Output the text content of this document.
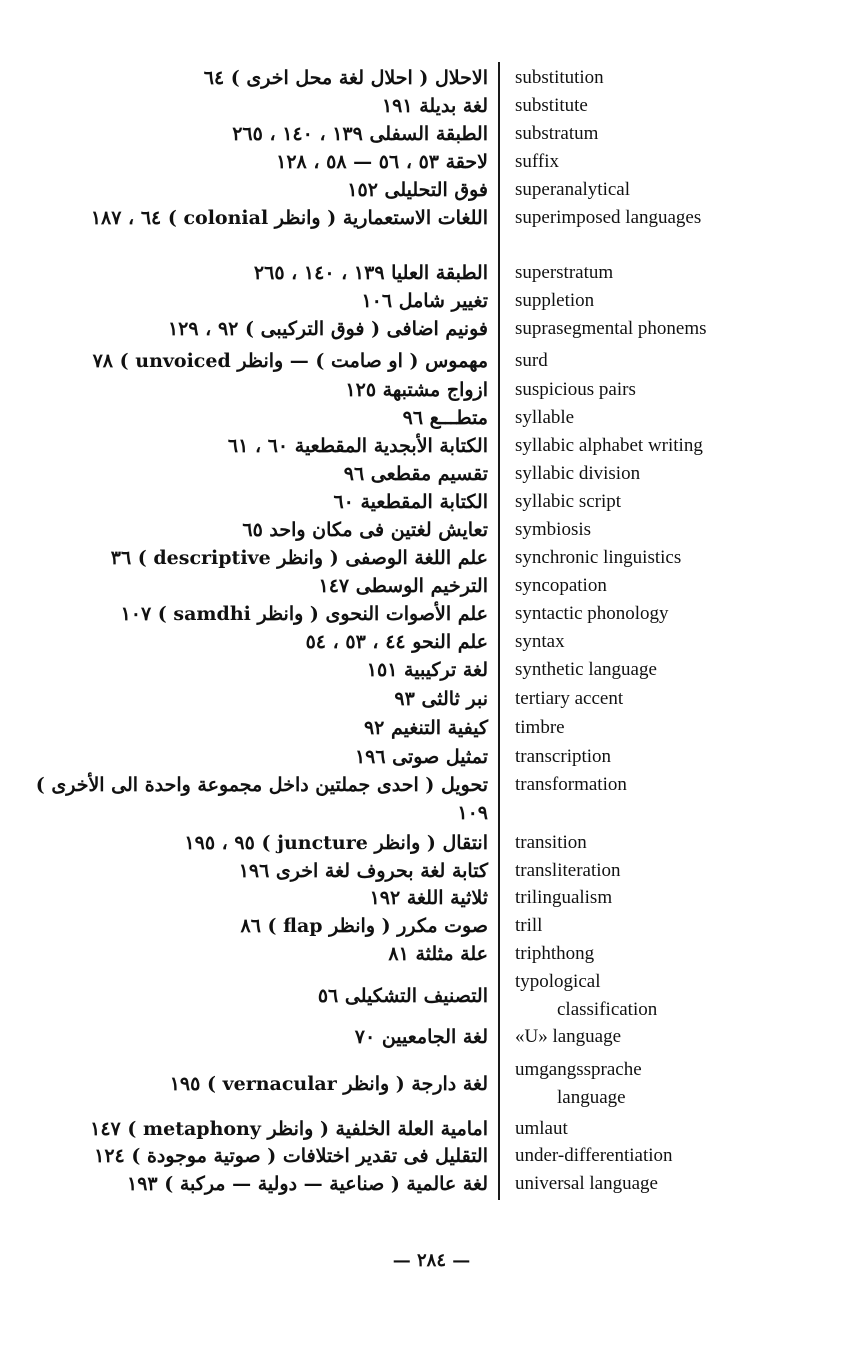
substitution
الاحلال ( احلال لغة محل اخرى ) ٦٤
substitute
لغة بديلة ١٩١
substratum
الطبقة السفلى ١٣٩ ، ١٤٠ ، ٢٦٥
suffix
لاحقة ٥٣ ، ٥٦ — ٥٨ ، ١٢٨
superanalytical
فوق التحليلى ١٥٢
superimposed languages
اللغات الاستعمارية ( وانظر colonial ) ٦٤ ، ١٨٧
superstratum
الطبقة العليا ١٣٩ ، ١٤٠ ، ٢٦٥
suppletion
تغيير شامل ١٠٦
suprasegmental phonems
فونيم اضافى ( فوق التركيبى ) ٩٢ ، ١٢٩
surd
مهموس ( او صامت ) — وانظر unvoiced ) ٧٨
suspicious pairs
ازواج مشتبهة ١٢٥
syllable
متطـــع ٩٦
syllabic alphabet writing
الكتابة الأبجدية المقطعية ٦٠ ، ٦١
syllabic division
تقسيم مقطعى ٩٦
syllabic script
الكتابة المقطعية ٦٠
symbiosis
تعايش لغتين فى مكان واحد ٦٥
synchronic linguistics
علم اللغة الوصفى ( وانظر descriptive ) ٣٦
syncopation
الترخيم الوسطى ١٤٧
syntactic phonology
علم الأصوات النحوى ( وانظر samdhi ) ١٠٧
syntax
علم النحو ٤٤ ، ٥٣ ، ٥٤
synthetic language
لغة تركيبية ١٥١
tertiary accent
نبر ثالثى ٩٣
timbre
كيفية التنغيم ٩٢
transcription
تمثيل صوتى ١٩٦
transformation
تحويل ( احدى جملتين داخل مجموعة واحدة الى الأخرى ) ١٠٩
transition
انتقال ( وانظر juncture ) ٩٥ ، ١٩٥
transliteration
كتابة لغة بحروف لغة اخرى ١٩٦
trilingualism
ثلاثية اللغة ١٩٢
trill
صوت مكرر ( وانظر flap ) ٨٦
triphthong
علة مثلثة ٨١
typological
classification
التصنيف التشكيلى ٥٦
«U» language
لغة الجامعيين ٧٠
umgangssprache
language
لغة دارجة ( وانظر vernacular ) ١٩٥
umlaut
امامية العلة الخلفية ( وانظر metaphony ) ١٤٧
under-differentiation
التقليل فى تقدير اختلافات ( صوتية موجودة ) ١٢٤
universal language
لغة عالمية ( صناعية — دولية — مركبة ) ١٩٣
— ٢٨٤ —
